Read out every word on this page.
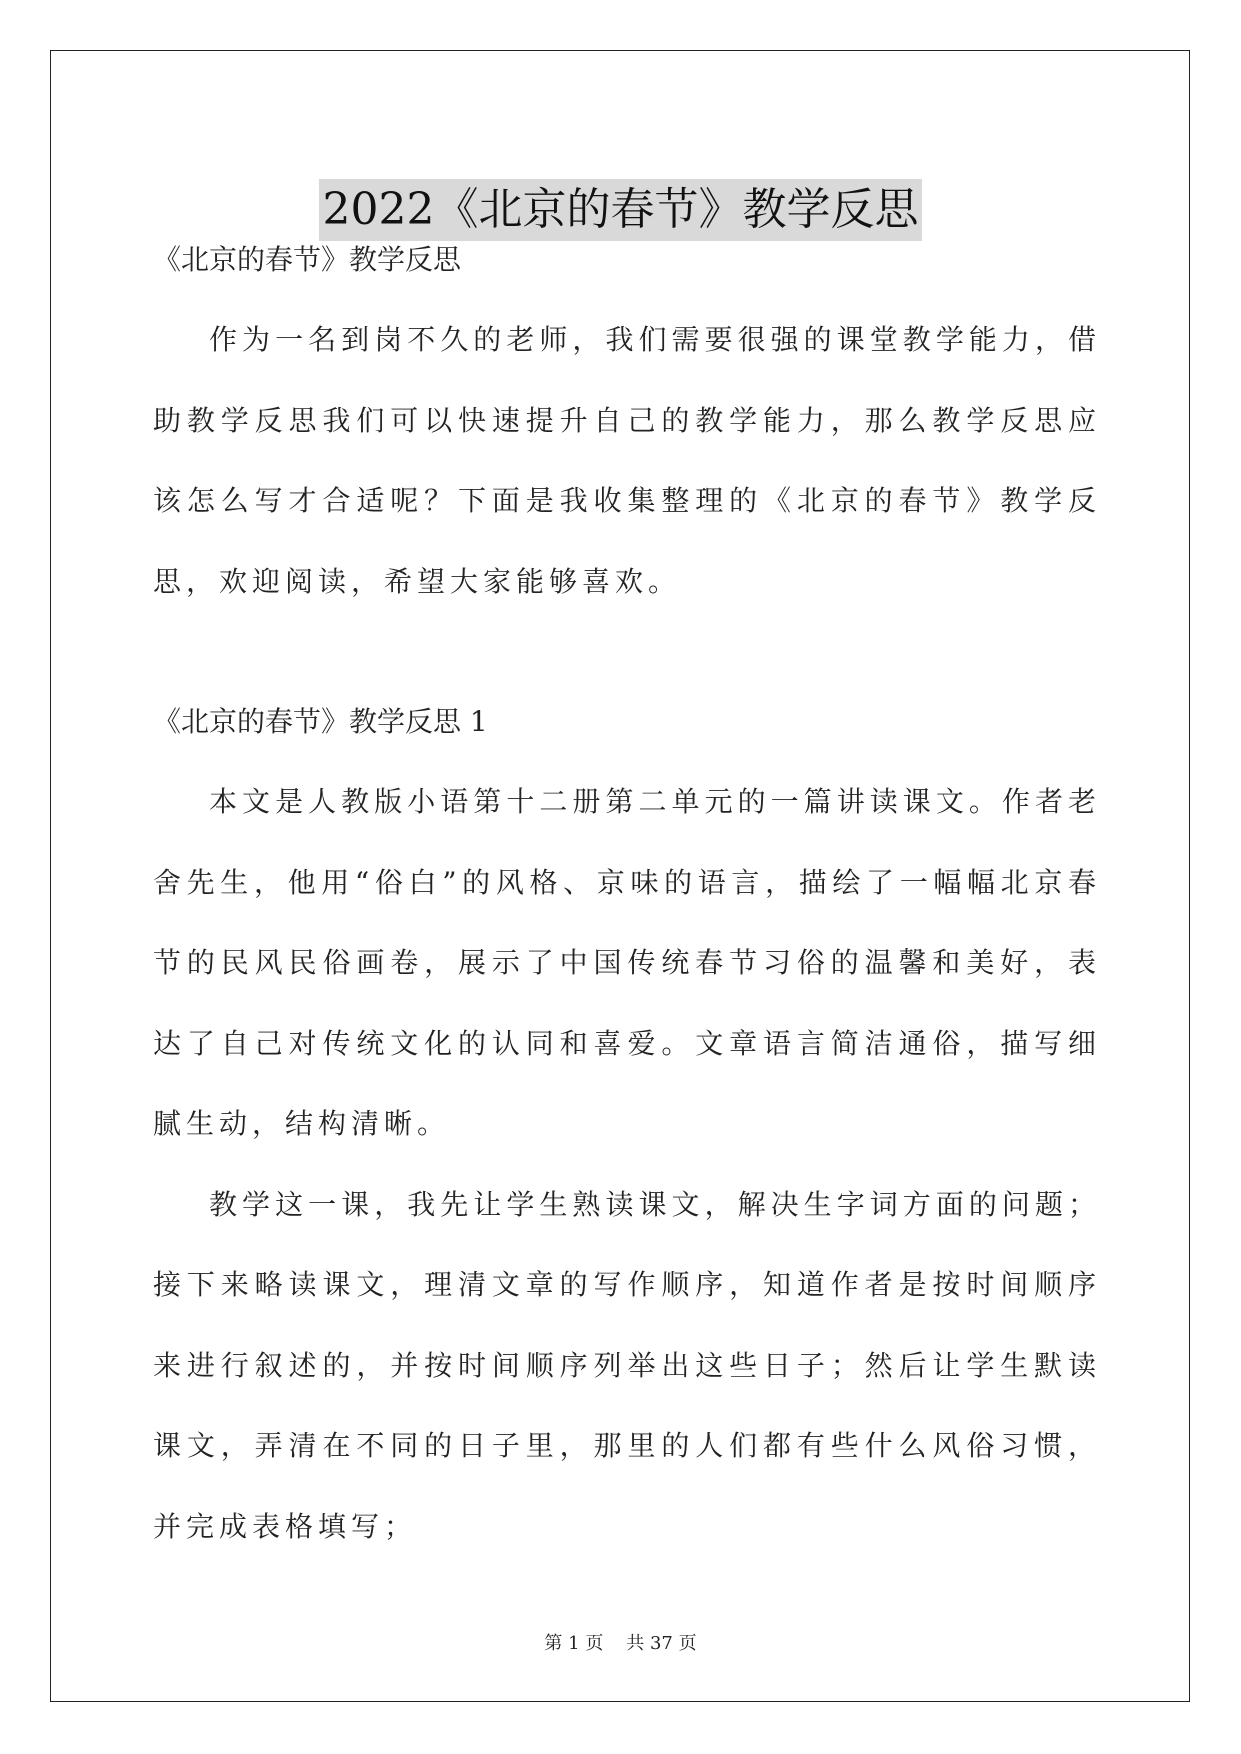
2022《北京的春节》教学反思

《北京的春节》教学反思

作为一名到岗不久的老师，我们需要很强的课堂教学能力，借助教学反思我们可以快速提升自己的教学能力，那么教学反思应该怎么写才合适呢？下面是我收集整理的《北京的春节》教学反思，欢迎阅读，希望大家能够喜欢。

《北京的春节》教学反思 1

本文是人教版小语第十二册第二单元的一篇讲读课文。作者老舍先生，他用“俗白”的风格、京味的语言，描绘了一幅幅北京春节的民风民俗画卷，展示了中国传统春节习俗的温馨和美好，表达了自己对传统文化的认同和喜爱。文章语言简洁通俗，描写细腻生动，结构清晰。

教学这一课，我先让学生熟读课文，解决生字词方面的问题；接下来略读课文，理清文章的写作顺序，知道作者是按时间顺序来进行叙述的，并按时间顺序列举出这些日子；然后让学生默读课文，弄清在不同的日子里，那里的人们都有些什么风俗习惯，并完成表格填写；

第 1 页 共 37 页
